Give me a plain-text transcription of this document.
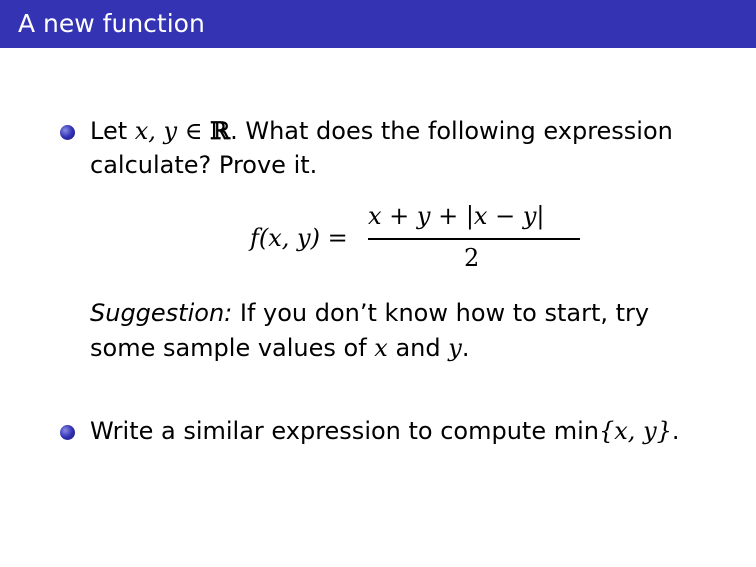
A new function
Let x, y ∈ ℝ. What does the following expression
calculate? Prove it.
f(x, y) =
x + y + |x − y|
2
Suggestion: If you don’t know how to start, try
some sample values of x and y.
Write a similar expression to compute min{x, y}.
